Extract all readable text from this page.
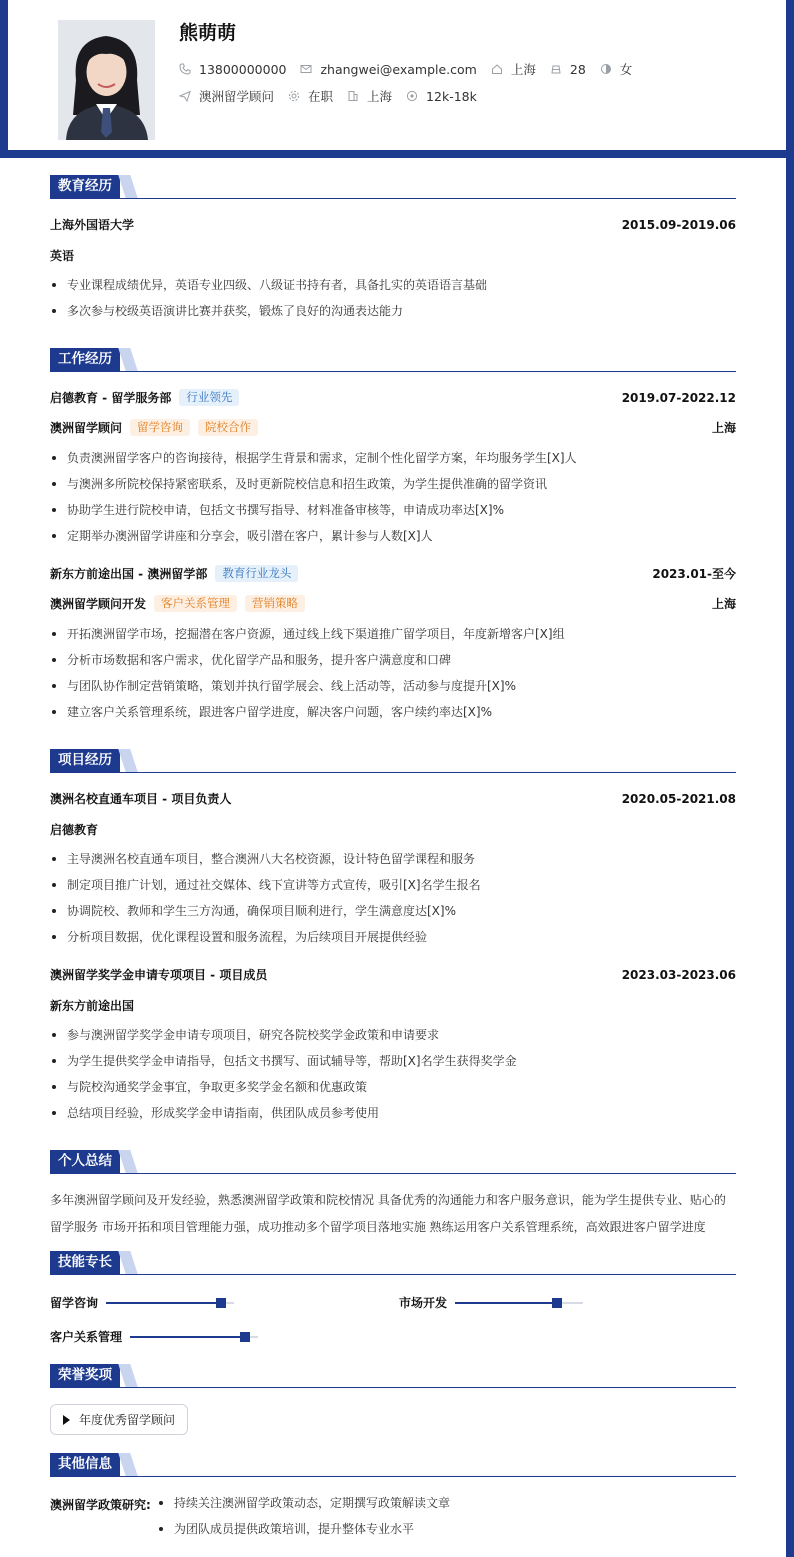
熊萌萌
13800000000	zhangwei@example.com	上海	28	女
澳洲留学顾问	在职	上海	12k-18k
教育经历
上海外国语大学	2015.09-2019.06
英语
专业课程成绩优异，英语专业四级、八级证书持有者，具备扎实的英语语言基础
多次参与校级英语演讲比赛并获奖，锻炼了良好的沟通表达能力
工作经历
启德教育 - 留学服务部	行业领先	2019.07-2022.12
澳洲留学顾问	留学咨询	院校合作	上海
负责澳洲留学客户的咨询接待，根据学生背景和需求，定制个性化留学方案，年均服务学生[X]人
与澳洲多所院校保持紧密联系，及时更新院校信息和招生政策，为学生提供准确的留学资讯
协助学生进行院校申请，包括文书撰写指导、材料准备审核等，申请成功率达[X]%
定期举办澳洲留学讲座和分享会，吸引潜在客户，累计参与人数[X]人
新东方前途出国 - 澳洲留学部	教育行业龙头	2023.01-至今
澳洲留学顾问开发	客户关系管理	营销策略	上海
开拓澳洲留学市场，挖掘潜在客户资源，通过线上线下渠道推广留学项目，年度新增客户[X]组
分析市场数据和客户需求，优化留学产品和服务，提升客户满意度和口碑
与团队协作制定营销策略，策划并执行留学展会、线上活动等，活动参与度提升[X]%
建立客户关系管理系统，跟进客户留学进度，解决客户问题，客户续约率达[X]%
项目经历
澳洲名校直通车项目 - 项目负责人	2020.05-2021.08
启德教育
主导澳洲名校直通车项目，整合澳洲八大名校资源，设计特色留学课程和服务
制定项目推广计划，通过社交媒体、线下宣讲等方式宣传，吸引[X]名学生报名
协调院校、教师和学生三方沟通，确保项目顺利进行，学生满意度达[X]%
分析项目数据，优化课程设置和服务流程，为后续项目开展提供经验
澳洲留学奖学金申请专项项目 - 项目成员	2023.03-2023.06
新东方前途出国
参与澳洲留学奖学金申请专项项目，研究各院校奖学金政策和申请要求
为学生提供奖学金申请指导，包括文书撰写、面试辅导等，帮助[X]名学生获得奖学金
与院校沟通奖学金事宜，争取更多奖学金名额和优惠政策
总结项目经验，形成奖学金申请指南，供团队成员参考使用
个人总结
多年澳洲留学顾问及开发经验，熟悉澳洲留学政策和院校情况 具备优秀的沟通能力和客户服务意识，能为学生提供专业、贴心的
留学服务 市场开拓和项目管理能力强，成功推动多个留学项目落地实施 熟练运用客户关系管理系统，高效跟进客户留学进度
技能专长
留学咨询	市场开发
客户关系管理
荣誉奖项
年度优秀留学顾问
其他信息
澳洲留学政策研究:	持续关注澳洲留学政策动态，定期撰写政策解读文章
为团队成员提供政策培训，提升整体专业水平
